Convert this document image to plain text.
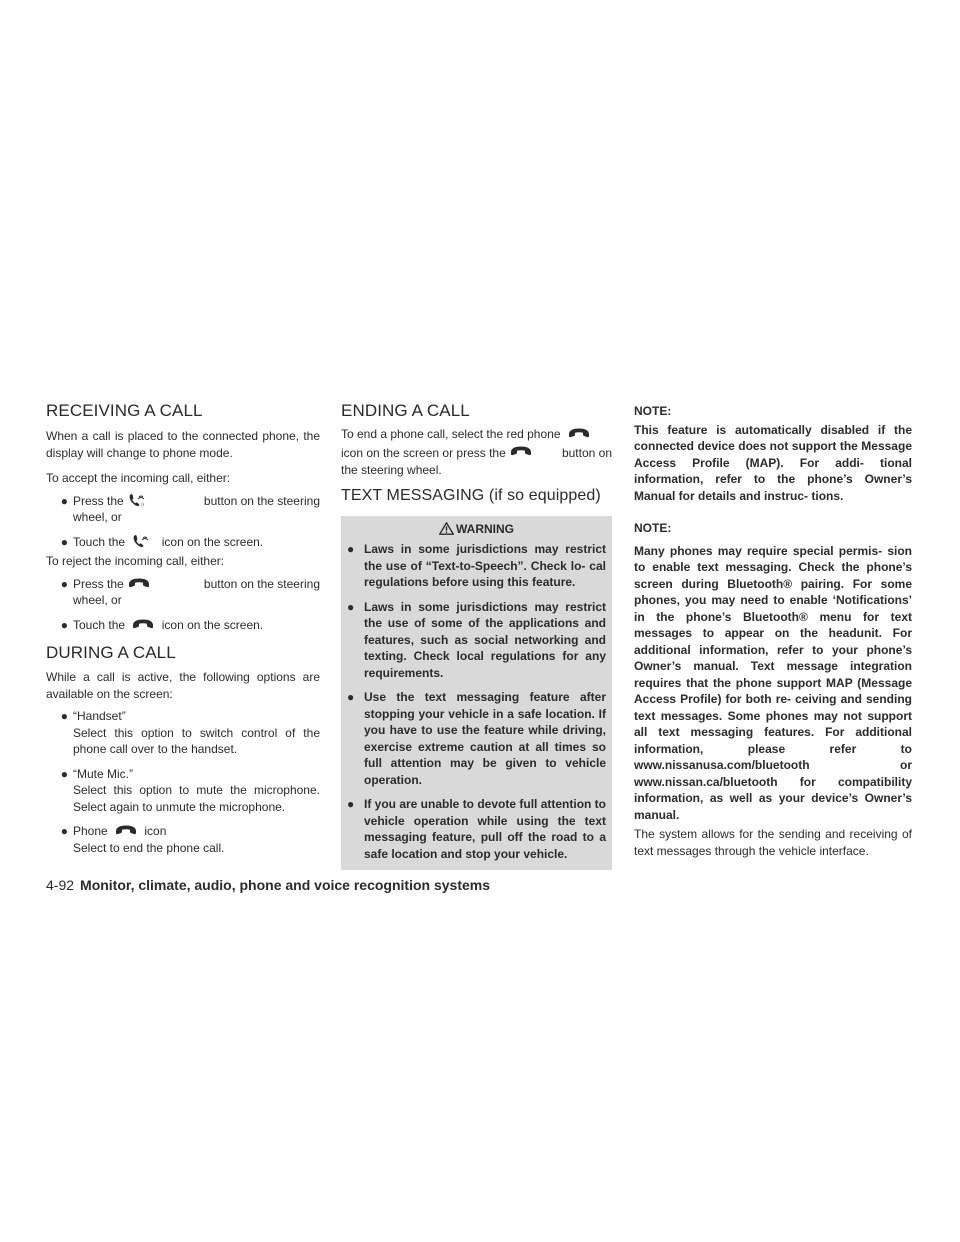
RECEIVING A CALL

When a call is placed to the connected phone, the display will change to phone mode.

To accept the incoming call, either:

● Press the	))	button on the steering
wheel, or
● Touch the	icon on the screen.

To reject the incoming call, either:

● Press the	button on the steering
wheel, or
● Touch the	icon on the screen.
DURING A CALL

While a call is active, the following options are available on the screen:

● “Handset”
Select this option to switch control of the phone call over to the handset.
● “Mute Mic.”
Select this option to mute the microphone. Select again to unmute the microphone.
● Phone	icon
Select to end the phone call.
ENDING A CALL
To end a phone call, select the red phone
icon on the screen or press the	button on
the steering wheel.
TEXT MESSAGING (if so equipped)
WARNING
● Laws in some jurisdictions may restrict the use of “Text-to-Speech”. Check lo- cal regulations before using this feature.
● Laws in some jurisdictions may restrict the use of some of the applications and features, such as social networking and texting. Check local regulations for any requirements.
● Use the text messaging feature after stopping your vehicle in a safe location. If you have to use the feature while driving, exercise extreme caution at all times so full attention may be given to vehicle operation.
● If you are unable to devote full attention to vehicle operation while using the text messaging feature, pull off the road to a safe location and stop your vehicle.
NOTE:

This feature is automatically disabled if the connected device does not support the Message Access Profile (MAP). For addi- tional information, refer to the phone’s Owner’s Manual for details and instruc- tions.

NOTE:

Many phones may require special permis- sion to enable text messaging. Check the phone’s screen during Bluetooth® pairing. For some phones, you may need to enable ‘Notifications’ in the phone’s Bluetooth® menu for text messages to appear on the headunit. For additional information, refer to your phone’s Owner’s manual. Text message integration requires that the phone support MAP (Message Access Profile) for both re- ceiving and sending text messages. Some phones may not support all text messaging features. For additional information, please refer to www.nissanusa.com/bluetooth or www.nissan.ca/bluetooth for compatibility information, as well as your device’s Owner’s manual.

The system allows for the sending and receiving of text messages through the vehicle interface.

4-92 Monitor, climate, audio, phone and voice recognition systems
